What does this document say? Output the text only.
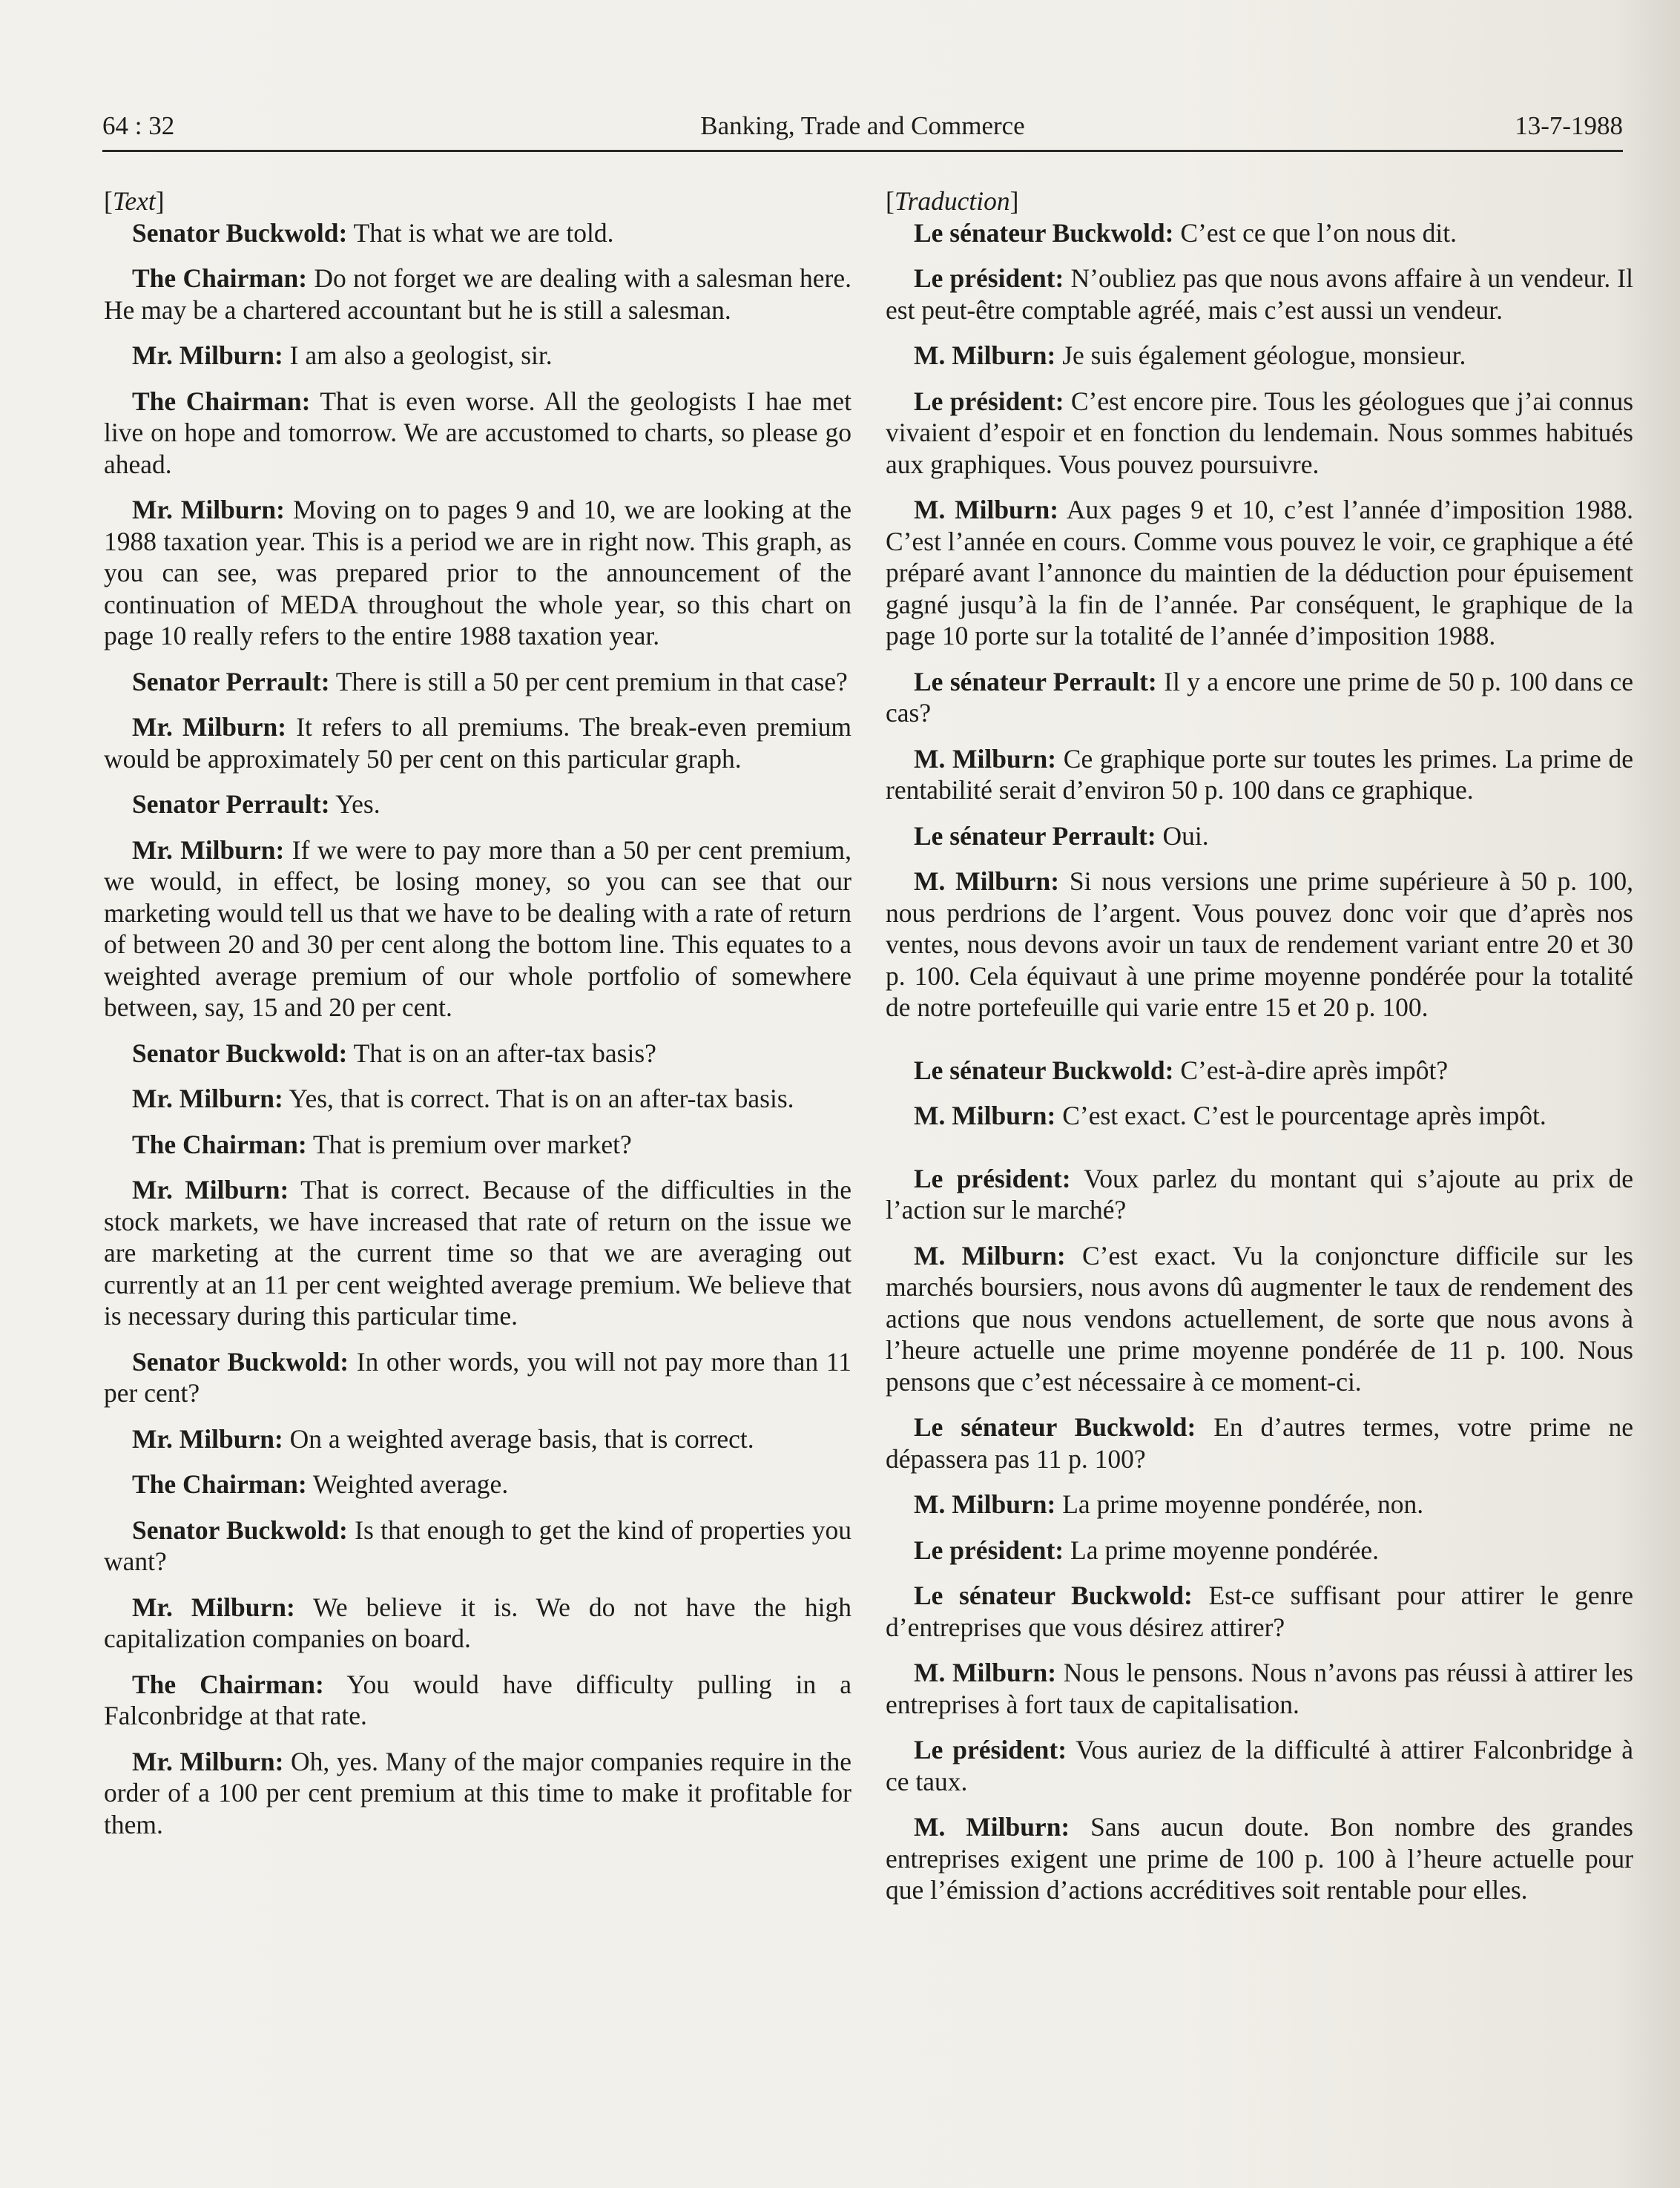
64 : 32	Banking, Trade and Commerce	13-7-1988
[Text]
Senator Buckwold: That is what we are told.
The Chairman: Do not forget we are dealing with a salesman here. He may be a chartered accountant but he is still a salesman.
Mr. Milburn: I am also a geologist, sir.
The Chairman: That is even worse. All the geologists I hae met live on hope and tomorrow. We are accustomed to charts, so please go ahead.
Mr. Milburn: Moving on to pages 9 and 10, we are looking at the 1988 taxation year. This is a period we are in right now. This graph, as you can see, was prepared prior to the announcement of the continuation of MEDA throughout the whole year, so this chart on page 10 really refers to the entire 1988 taxation year.
Senator Perrault: There is still a 50 per cent premium in that case?
Mr. Milburn: It refers to all premiums. The break-even premium would be approximately 50 per cent on this particular graph.
Senator Perrault: Yes.
Mr. Milburn: If we were to pay more than a 50 per cent premium, we would, in effect, be losing money, so you can see that our marketing would tell us that we have to be dealing with a rate of return of between 20 and 30 per cent along the bottom line. This equates to a weighted average premium of our whole portfolio of somewhere between, say, 15 and 20 per cent.
Senator Buckwold: That is on an after-tax basis?
Mr. Milburn: Yes, that is correct. That is on an after-tax basis.
The Chairman: That is premium over market?
Mr. Milburn: That is correct. Because of the difficulties in the stock markets, we have increased that rate of return on the issue we are marketing at the current time so that we are averaging out currently at an 11 per cent weighted average premium. We believe that is necessary during this particular time.
Senator Buckwold: In other words, you will not pay more than 11 per cent?
Mr. Milburn: On a weighted average basis, that is correct.
The Chairman: Weighted average.
Senator Buckwold: Is that enough to get the kind of properties you want?
Mr. Milburn: We believe it is. We do not have the high capitalization companies on board.
The Chairman: You would have difficulty pulling in a Falconbridge at that rate.
Mr. Milburn: Oh, yes. Many of the major companies require in the order of a 100 per cent premium at this time to make it profitable for them.
[Traduction]
Le sénateur Buckwold: C’est ce que l’on nous dit.
Le président: N’oubliez pas que nous avons affaire à un vendeur. Il est peut-être comptable agréé, mais c’est aussi un vendeur.
M. Milburn: Je suis également géologue, monsieur.
Le président: C’est encore pire. Tous les géologues que j’ai connus vivaient d’espoir et en fonction du lendemain. Nous sommes habitués aux graphiques. Vous pouvez poursuivre.
M. Milburn: Aux pages 9 et 10, c’est l’année d’imposition 1988. C’est l’année en cours. Comme vous pouvez le voir, ce graphique a été préparé avant l’annonce du maintien de la déduction pour épuisement gagné jusqu’à la fin de l’année. Par conséquent, le graphique de la page 10 porte sur la totalité de l’année d’imposition 1988.
Le sénateur Perrault: Il y a encore une prime de 50 p. 100 dans ce cas?
M. Milburn: Ce graphique porte sur toutes les primes. La prime de rentabilité serait d’environ 50 p. 100 dans ce graphique.
Le sénateur Perrault: Oui.
M. Milburn: Si nous versions une prime supérieure à 50 p. 100, nous perdrions de l’argent. Vous pouvez donc voir que d’après nos ventes, nous devons avoir un taux de rendement variant entre 20 et 30 p. 100. Cela équivaut à une prime moyenne pondérée pour la totalité de notre portefeuille qui varie entre 15 et 20 p. 100.
Le sénateur Buckwold: C’est-à-dire après impôt?
M. Milburn: C’est exact. C’est le pourcentage après impôt.
Le président: Voux parlez du montant qui s’ajoute au prix de l’action sur le marché?
M. Milburn: C’est exact. Vu la conjoncture difficile sur les marchés boursiers, nous avons dû augmenter le taux de rendement des actions que nous vendons actuellement, de sorte que nous avons à l’heure actuelle une prime moyenne pondérée de 11 p. 100. Nous pensons que c’est nécessaire à ce moment-ci.
Le sénateur Buckwold: En d’autres termes, votre prime ne dépassera pas 11 p. 100?
M. Milburn: La prime moyenne pondérée, non.
Le président: La prime moyenne pondérée.
Le sénateur Buckwold: Est-ce suffisant pour attirer le genre d’entreprises que vous désirez attirer?
M. Milburn: Nous le pensons. Nous n’avons pas réussi à attirer les entreprises à fort taux de capitalisation.
Le président: Vous auriez de la difficulté à attirer Falconbridge à ce taux.
M. Milburn: Sans aucun doute. Bon nombre des grandes entreprises exigent une prime de 100 p. 100 à l’heure actuelle pour que l’émission d’actions accréditives soit rentable pour elles.
